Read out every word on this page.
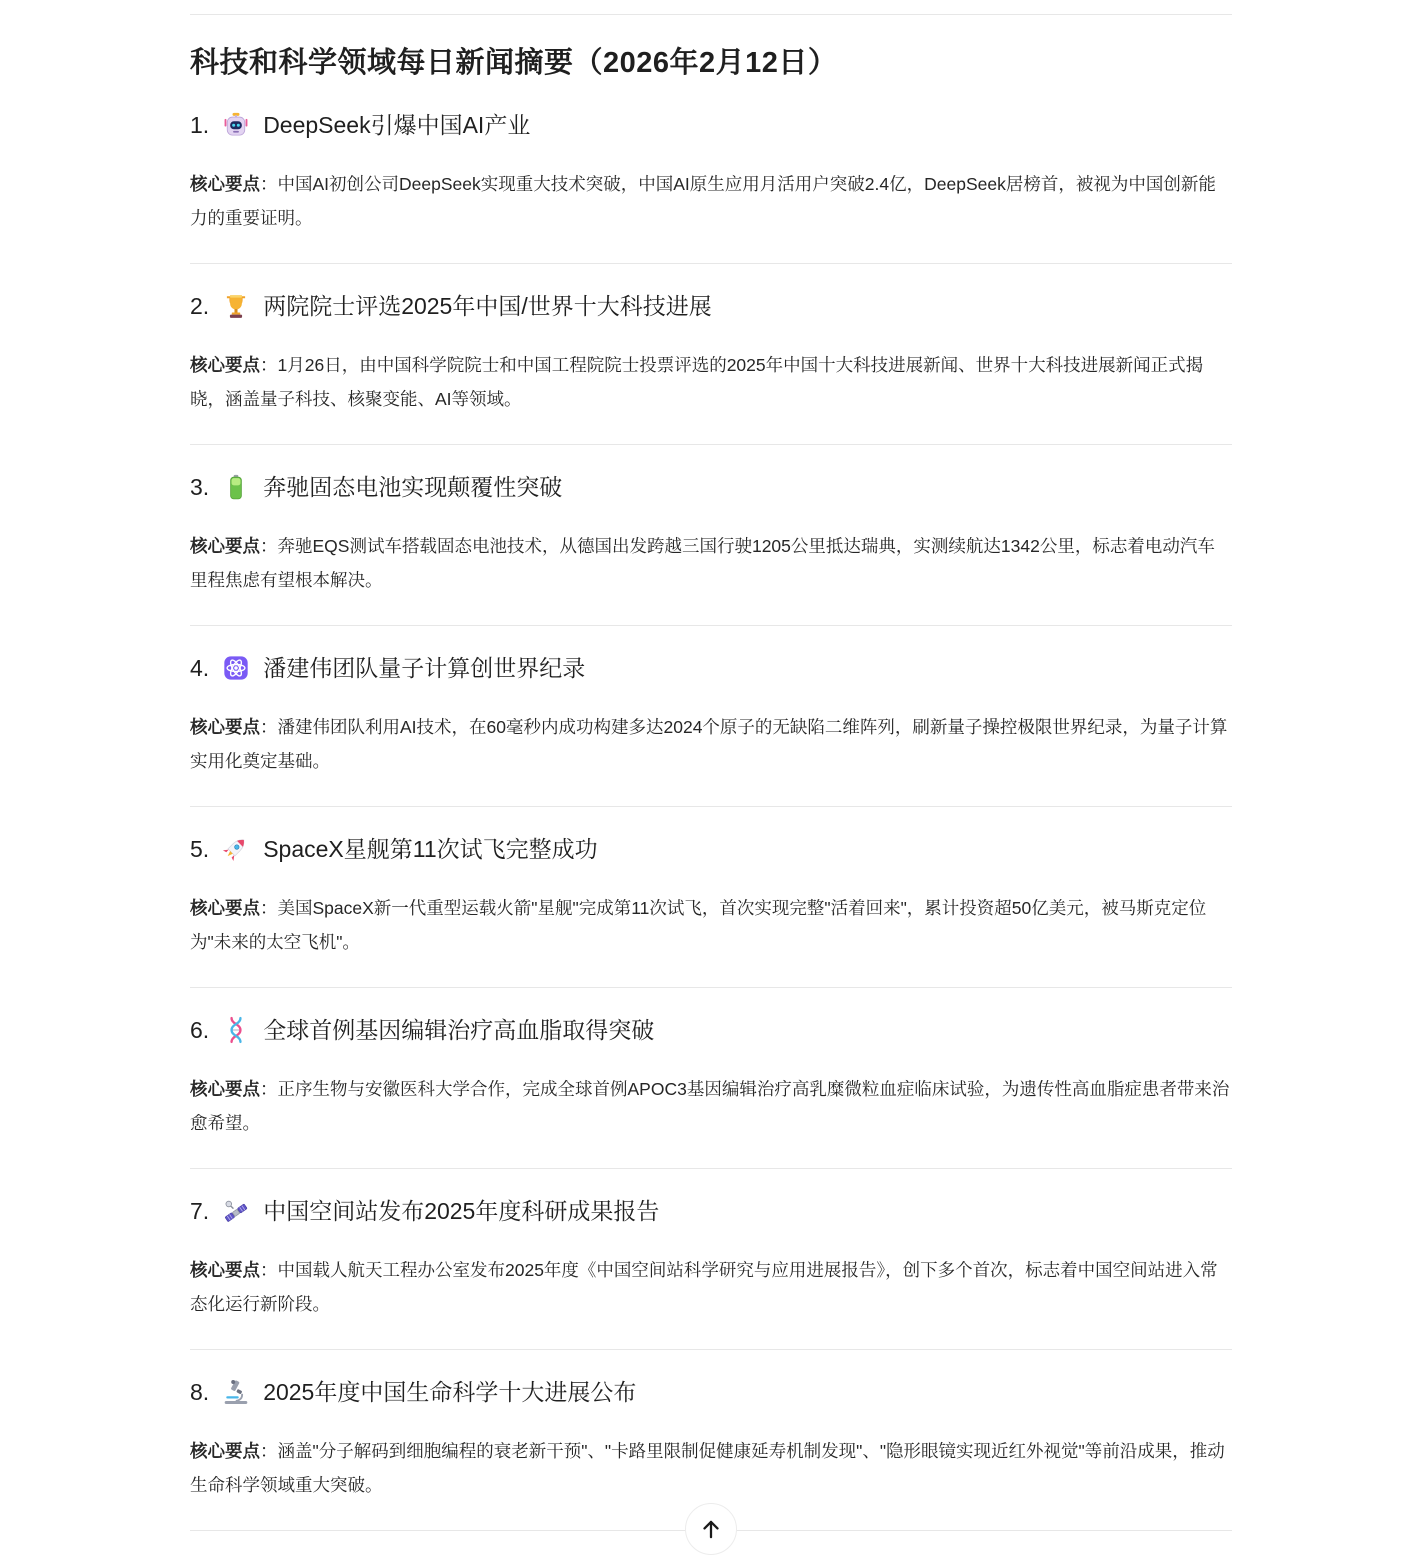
科技和科学领域每日新闻摘要（2026年2月12日）
1. DeepSeek引爆中国AI产业

核心要点：中国AI初创公司DeepSeek实现重大技术突破，中国AI原生应用月活用户突破2.4亿，DeepSeek居榜首，被视为中国创新能力的重要证明。

2. 两院院士评选2025年中国/世界十大科技进展

核心要点：1月26日，由中国科学院院士和中国工程院院士投票评选的2025年中国十大科技进展新闻、世界十大科技进展新闻正式揭晓，涵盖量子科技、核聚变能、AI等领域。

3. 奔驰固态电池实现颠覆性突破

核心要点：奔驰EQS测试车搭载固态电池技术，从德国出发跨越三国行驶1205公里抵达瑞典，实测续航达1342公里，标志着电动汽车里程焦虑有望根本解决。

4. 潘建伟团队量子计算创世界纪录

核心要点：潘建伟团队利用AI技术，在60毫秒内成功构建多达2024个原子的无缺陷二维阵列，刷新量子操控极限世界纪录，为量子计算实用化奠定基础。

5. SpaceX星舰第11次试飞完整成功

核心要点：美国SpaceX新一代重型运载火箭"星舰"完成第11次试飞，首次实现完整"活着回来"，累计投资超50亿美元，被马斯克定位为"未来的太空飞机"。

6. 全球首例基因编辑治疗高血脂取得突破

核心要点：正序生物与安徽医科大学合作，完成全球首例APOC3基因编辑治疗高乳糜微粒血症临床试验，为遗传性高血脂症患者带来治愈希望。

7. 中国空间站发布2025年度科研成果报告

核心要点：中国载人航天工程办公室发布2025年度《中国空间站科学研究与应用进展报告》，创下多个首次，标志着中国空间站进入常态化运行新阶段。

8. 2025年度中国生命科学十大进展公布

核心要点：涵盖"分子解码到细胞编程的衰老新干预"、"卡路里限制促健康延寿机制发现"、"隐形眼镜实现近红外视觉"等前沿成果，推动生命科学领域重大突破。
